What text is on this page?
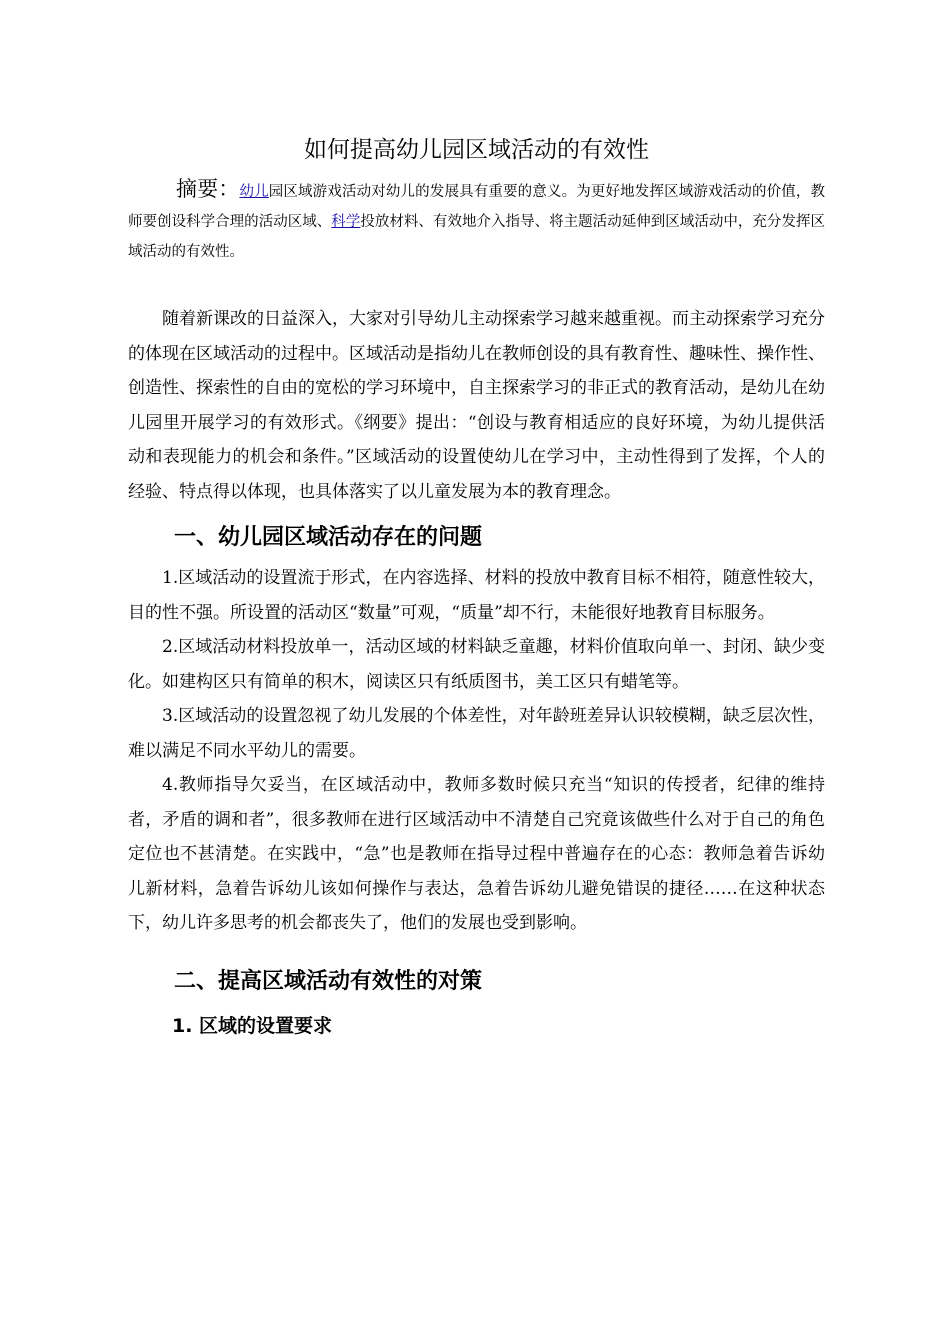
如何提高幼儿园区域活动的有效性

摘要：幼儿园区域游戏活动对幼儿的发展具有重要的意义。为更好地发挥区域游戏活动的价值，教师要创设科学合理的活动区域、科学投放材料、有效地介入指导、将主题活动延伸到区域活动中，充分发挥区域活动的有效性。

随着新课改的日益深入，大家对引导幼儿主动探索学习越来越重视。而主动探索学习充分的体现在区域活动的过程中。区域活动是指幼儿在教师创设的具有教育性、趣味性、操作性、创造性、探索性的自由的宽松的学习环境中，自主探索学习的非正式的教育活动，是幼儿在幼儿园里开展学习的有效形式。《纲要》提出：“创设与教育相适应的良好环境，为幼儿提供活动和表现能力的机会和条件。”区域活动的设置使幼儿在学习中，主动性得到了发挥，个人的经验、特点得以体现，也具体落实了以儿童发展为本的教育理念。

一、幼儿园区域活动存在的问题

1.区域活动的设置流于形式，在内容选择、材料的投放中教育目标不相符，随意性较大，目的性不强。所设置的活动区“数量”可观，“质量”却不行，未能很好地教育目标服务。

2.区域活动材料投放单一，活动区域的材料缺乏童趣，材料价值取向单一、封闭、缺少变化。如建构区只有简单的积木，阅读区只有纸质图书，美工区只有蜡笔等。

3.区域活动的设置忽视了幼儿发展的个体差性，对年龄班差异认识较模糊，缺乏层次性，难以满足不同水平幼儿的需要。

4.教师指导欠妥当，在区域活动中，教师多数时候只充当“知识的传授者，纪律的维持者，矛盾的调和者”，很多教师在进行区域活动中不清楚自己究竟该做些什么对于自己的角色定位也不甚清楚。在实践中，“急”也是教师在指导过程中普遍存在的心态：教师急着告诉幼儿新材料，急着告诉幼儿该如何操作与表达，急着告诉幼儿避免错误的捷径……在这种状态下，幼儿许多思考的机会都丧失了，他们的发展也受到影响。

二、提高区域活动有效性的对策
1. 区域的设置要求
